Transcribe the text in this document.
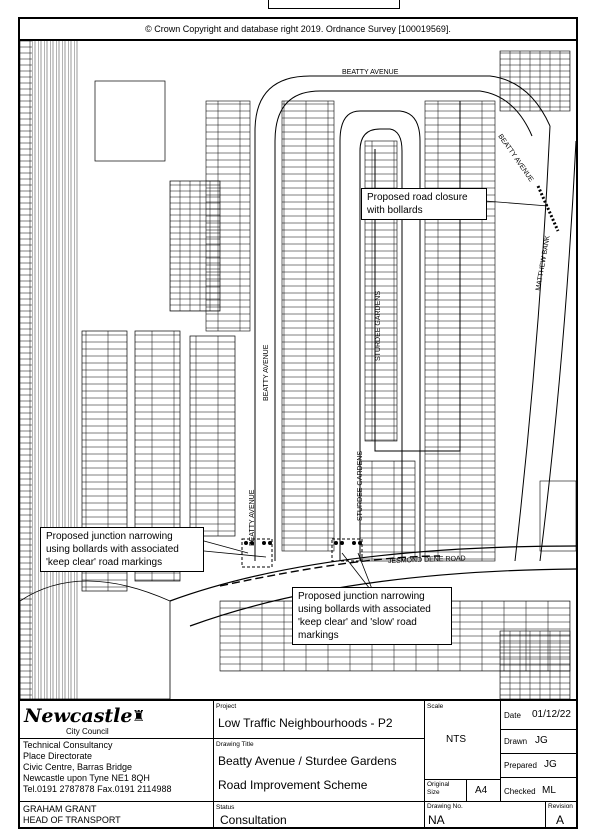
© Crown Copyright and database right 2019. Ordnance Survey [100019569].
BEATTY AVENUE
BEATTY AVENUE
BEATTY AVENUE
BEATTY AVENUE
STURDEE GARDENS
STURDEE GARDENS
MATTHEW BANK
JESMOND DENE ROAD
Proposed road closure
with bollards
Proposed junction narrowing
using bollards with associated
'keep clear' road markings
Proposed junction narrowing
using bollards with associated
'keep clear' and 'slow' road
markings
Newcastle ♜
City Council
Technical Consultancy
Place Directorate
Civic Centre, Barras Bridge
Newcastle upon Tyne NE1 8QH
Tel.0191 2787878 Fax.0191 2114988
GRAHAM GRANT
HEAD OF TRANSPORT
Project
Low Traffic Neighbourhoods - P2
Drawing Title
Beatty Avenue / Sturdee Gardens
Road Improvement Scheme
Status
Consultation
Scale
NTS
Original
Size	A4
Drawing No.
NA
Date 01/12/22
Drawn JG
Prepared JG
Checked ML
Revision
A
